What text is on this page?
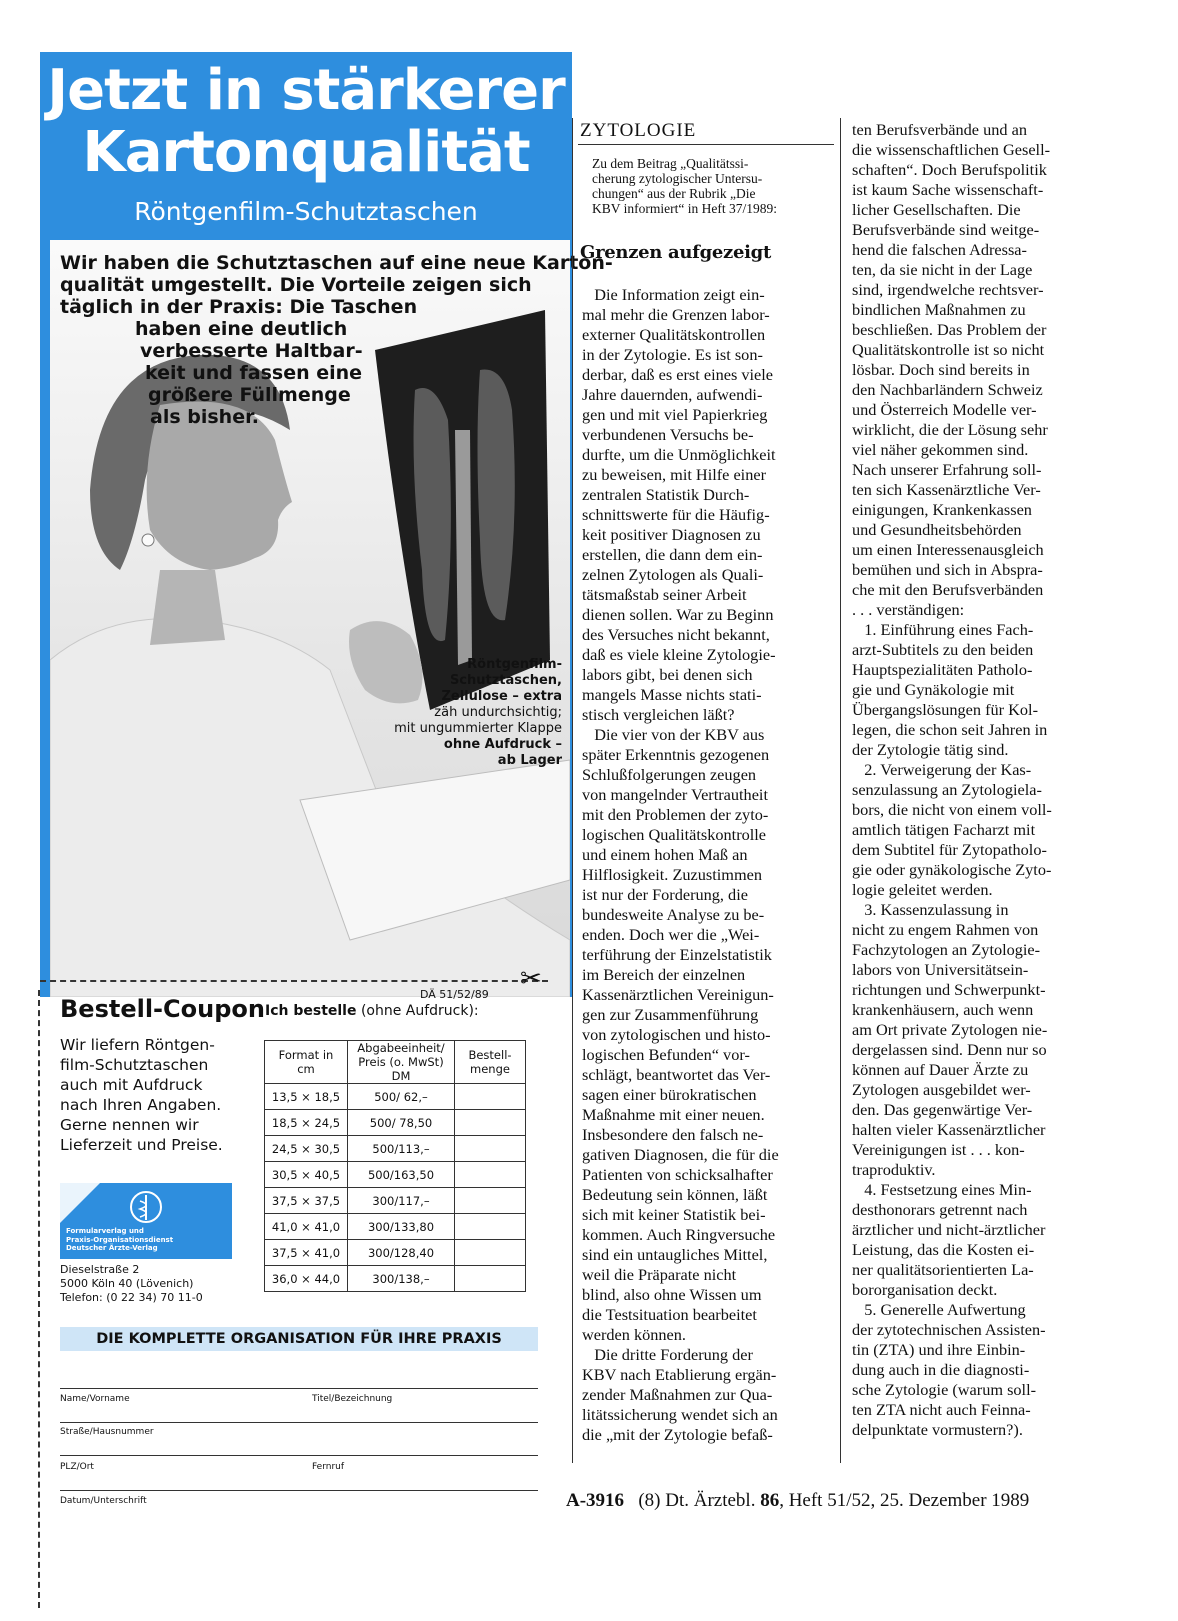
Jetzt in stärkerer
Kartonqualität
Röntgenfilm-Schutztaschen
Wir haben die Schutztaschen auf eine neue Karton-
qualität umgestellt. Die Vorteile zeigen sich
täglich in der Praxis: Die Taschen
haben eine deutlich
verbesserte Haltbar-
keit und fassen eine
größere Füllmenge
als bisher.
Röntgenfilm-
Schutztaschen,
Zellulose – extra
zäh undurchsichtig;
mit ungummierter Klappe
ohne Aufdruck –
ab Lager
✂
DÄ 51/52/89
Bestell-Coupon Ich bestelle (ohne Aufdruck):
Wir liefern Röntgen-
film-Schutztaschen
auch mit Aufdruck
nach Ihren Angaben.
Gerne nennen wir
Lieferzeit und Preise.
Format in cm	Abgabeeinheit/ Preis (o. MwSt) DM	Bestell-menge
13,5 × 18,5	500/ 62,–	
18,5 × 24,5	500/ 78,50	
24,5 × 30,5	500/113,–	
30,5 × 40,5	500/163,50	
37,5 × 37,5	300/117,–	
41,0 × 41,0	300/133,80	
37,5 × 41,0	300/128,40	
36,0 × 44,0	300/138,–	
Formularverlag und
Praxis-Organisationsdienst
Deutscher Ärzte-Verlag
Dieselstraße 2
5000 Köln 40 (Lövenich)
Telefon: (0 22 34) 70 11-0
DIE KOMPLETTE ORGANISATION FÜR IHRE PRAXIS
Name/Vorname	Titel/Bezeichnung
Straße/Hausnummer
PLZ/Ort	Fernruf
Datum/Unterschrift
ZYTOLOGIE
Zu dem Beitrag „Qualitätssi-
cherung zytologischer Untersu-
chungen“ aus der Rubrik „Die
KBV informiert“ in Heft 37/1989:
Grenzen aufgezeigt
Die Information zeigt ein-
mal mehr die Grenzen labor-
externer Qualitätskontrollen
in der Zytologie. Es ist son-
derbar, daß es erst eines viele
Jahre dauernden, aufwendi-
gen und mit viel Papierkrieg
verbundenen Versuchs be-
durfte, um die Unmöglichkeit
zu beweisen, mit Hilfe einer
zentralen Statistik Durch-
schnittswerte für die Häufig-
keit positiver Diagnosen zu
erstellen, die dann dem ein-
zelnen Zytologen als Quali-
tätsmaßstab seiner Arbeit
dienen sollen. War zu Beginn
des Versuches nicht bekannt,
daß es viele kleine Zytologie-
labors gibt, bei denen sich
mangels Masse nichts stati-
stisch vergleichen läßt?
Die vier von der KBV aus
später Erkenntnis gezogenen
Schlußfolgerungen zeugen
von mangelnder Vertrautheit
mit den Problemen der zyto-
logischen Qualitätskontrolle
und einem hohen Maß an
Hilflosigkeit. Zuzustimmen
ist nur der Forderung, die
bundesweite Analyse zu be-
enden. Doch wer die „Wei-
terführung der Einzelstatistik
im Bereich der einzelnen
Kassenärztlichen Vereinigun-
gen zur Zusammenführung
von zytologischen und histo-
logischen Befunden“ vor-
schlägt, beantwortet das Ver-
sagen einer bürokratischen
Maßnahme mit einer neuen.
Insbesondere den falsch ne-
gativen Diagnosen, die für die
Patienten von schicksalhafter
Bedeutung sein können, läßt
sich mit keiner Statistik bei-
kommen. Auch Ringversuche
sind ein untaugliches Mittel,
weil die Präparate nicht
blind, also ohne Wissen um
die Testsituation bearbeitet
werden können.
Die dritte Forderung der
KBV nach Etablierung ergän-
zender Maßnahmen zur Qua-
litätssicherung wendet sich an
die „mit der Zytologie befaß-
ten Berufsverbände und an
die wissenschaftlichen Gesell-
schaften“. Doch Berufspolitik
ist kaum Sache wissenschaft-
licher Gesellschaften. Die
Berufsverbände sind weitge-
hend die falschen Adressa-
ten, da sie nicht in der Lage
sind, irgendwelche rechtsver-
bindlichen Maßnahmen zu
beschließen. Das Problem der
Qualitätskontrolle ist so nicht
lösbar. Doch sind bereits in
den Nachbarländern Schweiz
und Österreich Modelle ver-
wirklicht, die der Lösung sehr
viel näher gekommen sind.
Nach unserer Erfahrung soll-
ten sich Kassenärztliche Ver-
einigungen, Krankenkassen
und Gesundheitsbehörden
um einen Interessenausgleich
bemühen und sich in Abspra-
che mit den Berufsverbänden
. . . verständigen:
1. Einführung eines Fach-
arzt-Subtitels zu den beiden
Hauptspezialitäten Patholo-
gie und Gynäkologie mit
Übergangslösungen für Kol-
legen, die schon seit Jahren in
der Zytologie tätig sind.
2. Verweigerung der Kas-
senzulassung an Zytologiela-
bors, die nicht von einem voll-
amtlich tätigen Facharzt mit
dem Subtitel für Zytopatholo-
gie oder gynäkologische Zyto-
logie geleitet werden.
3. Kassenzulassung in
nicht zu engem Rahmen von
Fachzytologen an Zytologie-
labors von Universitätsein-
richtungen und Schwerpunkt-
krankenhäusern, auch wenn
am Ort private Zytologen nie-
dergelassen sind. Denn nur so
können auf Dauer Ärzte zu
Zytologen ausgebildet wer-
den. Das gegenwärtige Ver-
halten vieler Kassenärztlicher
Vereinigungen ist . . . kon-
traproduktiv.
4. Festsetzung eines Min-
desthonorars getrennt nach
ärztlicher und nicht-ärztlicher
Leistung, das die Kosten ei-
ner qualitätsorientierten La-
bororganisation deckt.
5. Generelle Aufwertung
der zytotechnischen Assisten-
tin (ZTA) und ihre Einbin-
dung auch in die diagnosti-
sche Zytologie (warum soll-
ten ZTA nicht auch Feinna-
delpunktate vormustern?).
A-3916 (8) Dt. Ärztebl. 86, Heft 51/52, 25. Dezember 1989
